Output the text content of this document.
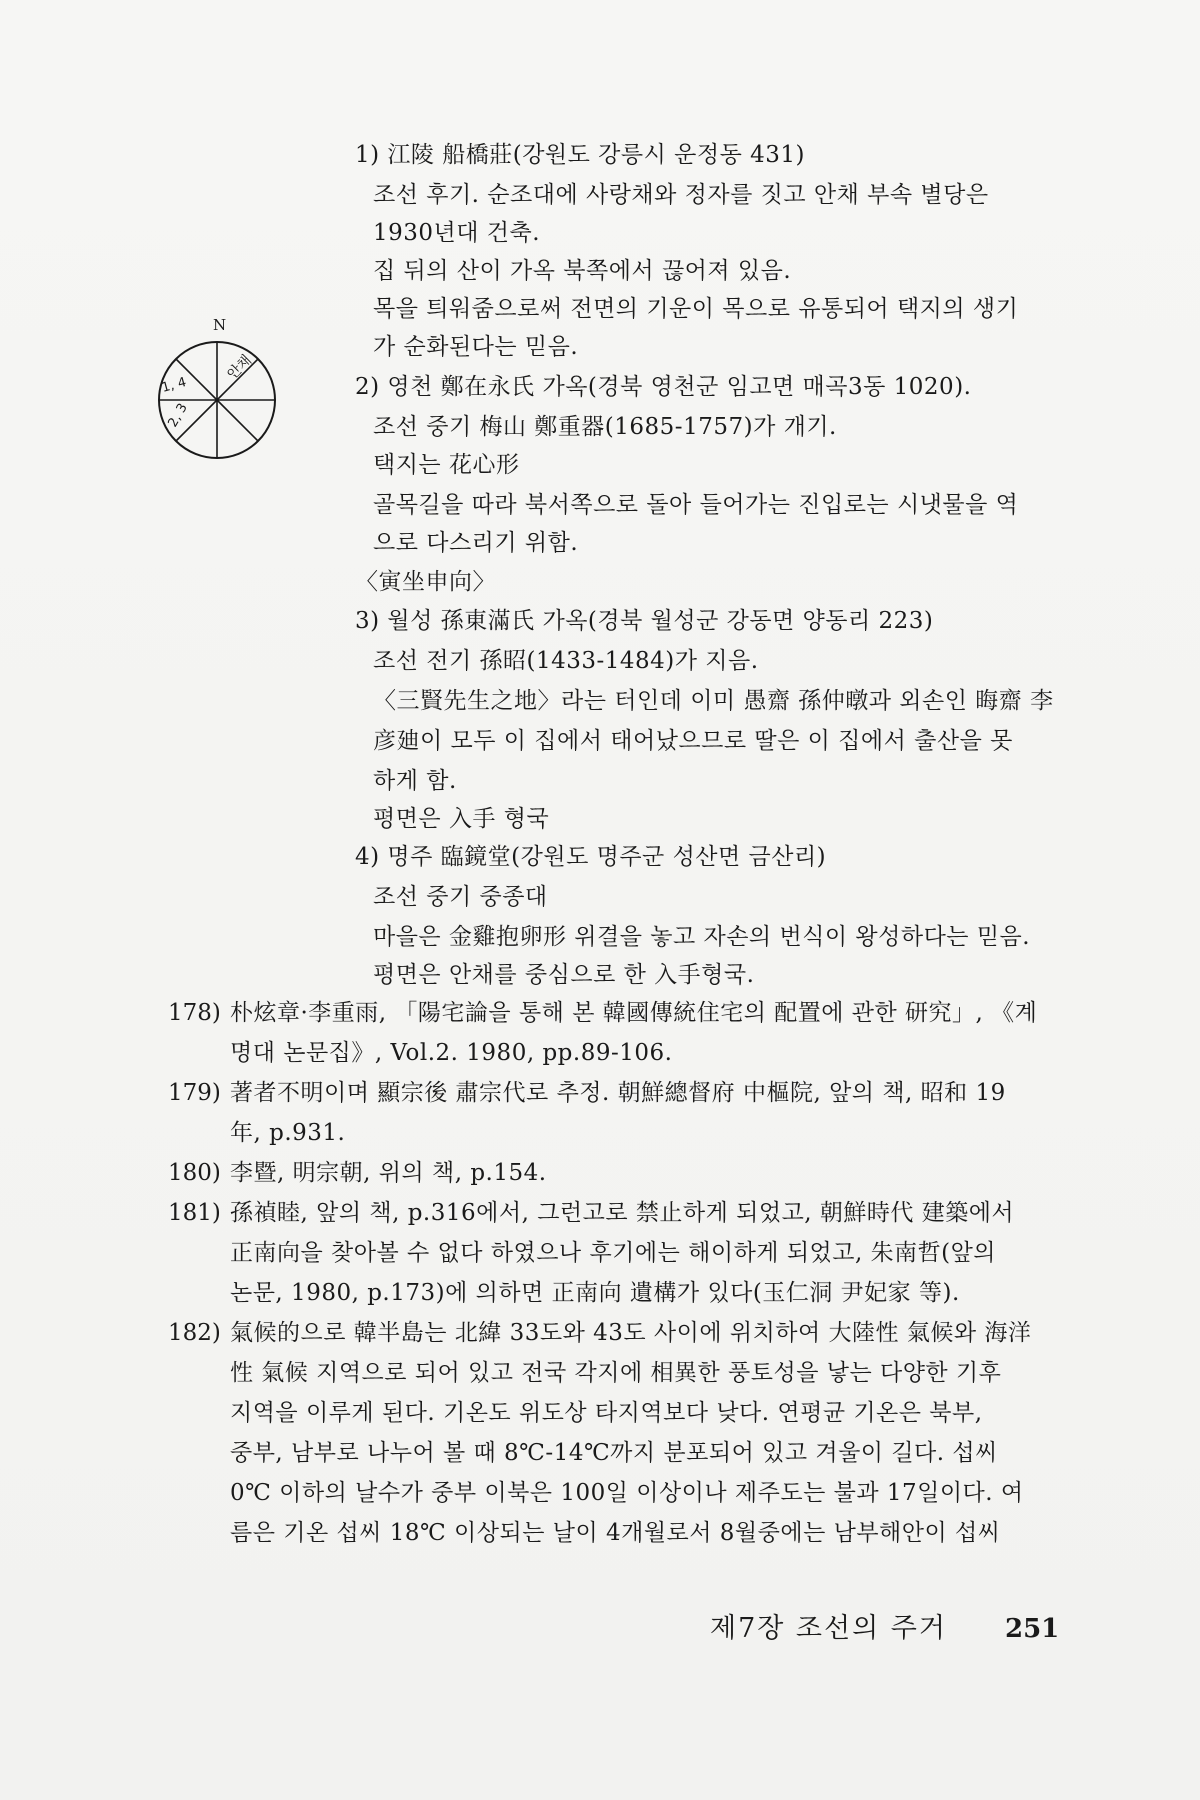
N
안채
1, 4
2, 3
1) 江陵 船橋莊(강원도 강릉시 운정동 431)
조선 후기. 순조대에 사랑채와 정자를 짓고 안채 부속 별당은
1930년대 건축.
집 뒤의 산이 가옥 북쪽에서 끊어져 있음.
목을 틔워줌으로써 전면의 기운이 목으로 유통되어 택지의 생기
가 순화된다는 믿음.
2) 영천 鄭在永氏 가옥(경북 영천군 임고면 매곡3동 1020).
조선 중기 梅山 鄭重器(1685-1757)가 개기.
택지는 花心形
골목길을 따라 북서쪽으로 돌아 들어가는 진입로는 시냇물을 역
으로 다스리기 위함.
〈寅坐申向〉
3) 월성 孫東滿氏 가옥(경북 월성군 강동면 양동리 223)
조선 전기 孫昭(1433-1484)가 지음.
〈三賢先生之地〉라는 터인데 이미 愚齋 孫仲暾과 외손인 晦齋 李
彦廸이 모두 이 집에서 태어났으므로 딸은 이 집에서 출산을 못
하게 함.
평면은 入手 형국
4) 명주 臨鏡堂(강원도 명주군 성산면 금산리)
조선 중기 중종대
마을은 金雞抱卵形 위결을 놓고 자손의 번식이 왕성하다는 믿음.
평면은 안채를 중심으로 한 入手형국.
178) 朴炫章·李重雨, 「陽宅論을 통해 본 韓國傳統住宅의 配置에 관한 研究」, 《계
명대 논문집》, Vol.2. 1980, pp.89-106.
179) 著者不明이며 顯宗後 肅宗代로 추정. 朝鮮總督府 中樞院, 앞의 책, 昭和 19
年, p.931.
180) 李暨, 明宗朝, 위의 책, p.154.
181) 孫禎睦, 앞의 책, p.316에서, 그런고로 禁止하게 되었고, 朝鮮時代 建築에서
正南向을 찾아볼 수 없다 하였으나 후기에는 해이하게 되었고, 朱南哲(앞의
논문, 1980, p.173)에 의하면 正南向 遺構가 있다(玉仁洞 尹妃家 等).
182) 氣候的으로 韓半島는 北緯 33도와 43도 사이에 위치하여 大陸性 氣候와 海洋
性 氣候 지역으로 되어 있고 전국 각지에 相異한 풍토성을 낳는 다양한 기후
지역을 이루게 된다. 기온도 위도상 타지역보다 낮다. 연평균 기온은 북부,
중부, 남부로 나누어 볼 때 8℃-14℃까지 분포되어 있고 겨울이 길다. 섭씨
0℃ 이하의 날수가 중부 이북은 100일 이상이나 제주도는 불과 17일이다. 여
름은 기온 섭씨 18℃ 이상되는 날이 4개월로서 8월중에는 남부해안이 섭씨
제7장 조선의 주거 251
